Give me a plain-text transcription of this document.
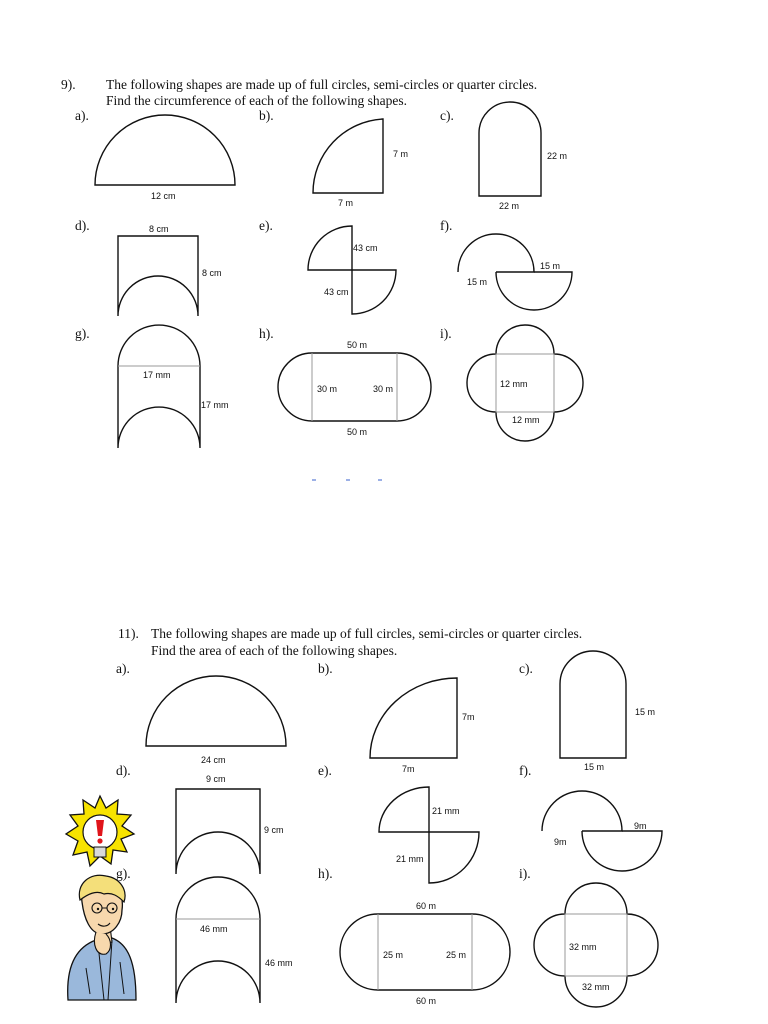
9). The following shapes are made up of full circles, semi-circles or quarter circles.
Find the circumference of each of the following shapes.
a).	b).	c).
d).	e).	f).
g).	h).	i).
11). The following shapes are made up of full circles, semi-circles or quarter circles.
Find the area of each of the following shapes.
a).	b).	c).
d).	e).	f).
g).	h).	i).
12 cm
7 m
7 m
22 m
22 m
8 cm
8 cm
43 cm
43 cm
15 m
15 m
17 mm
17 mm
50 m
30 m	30 m
50 m
12 mm
12 mm
24 cm
7m
7m
15 m
15 m
9 cm
9 cm
21 mm
21 mm
9m
9m
46 mm
46 mm
60 m
25 m	25 m
60 m
32 mm
32 mm
